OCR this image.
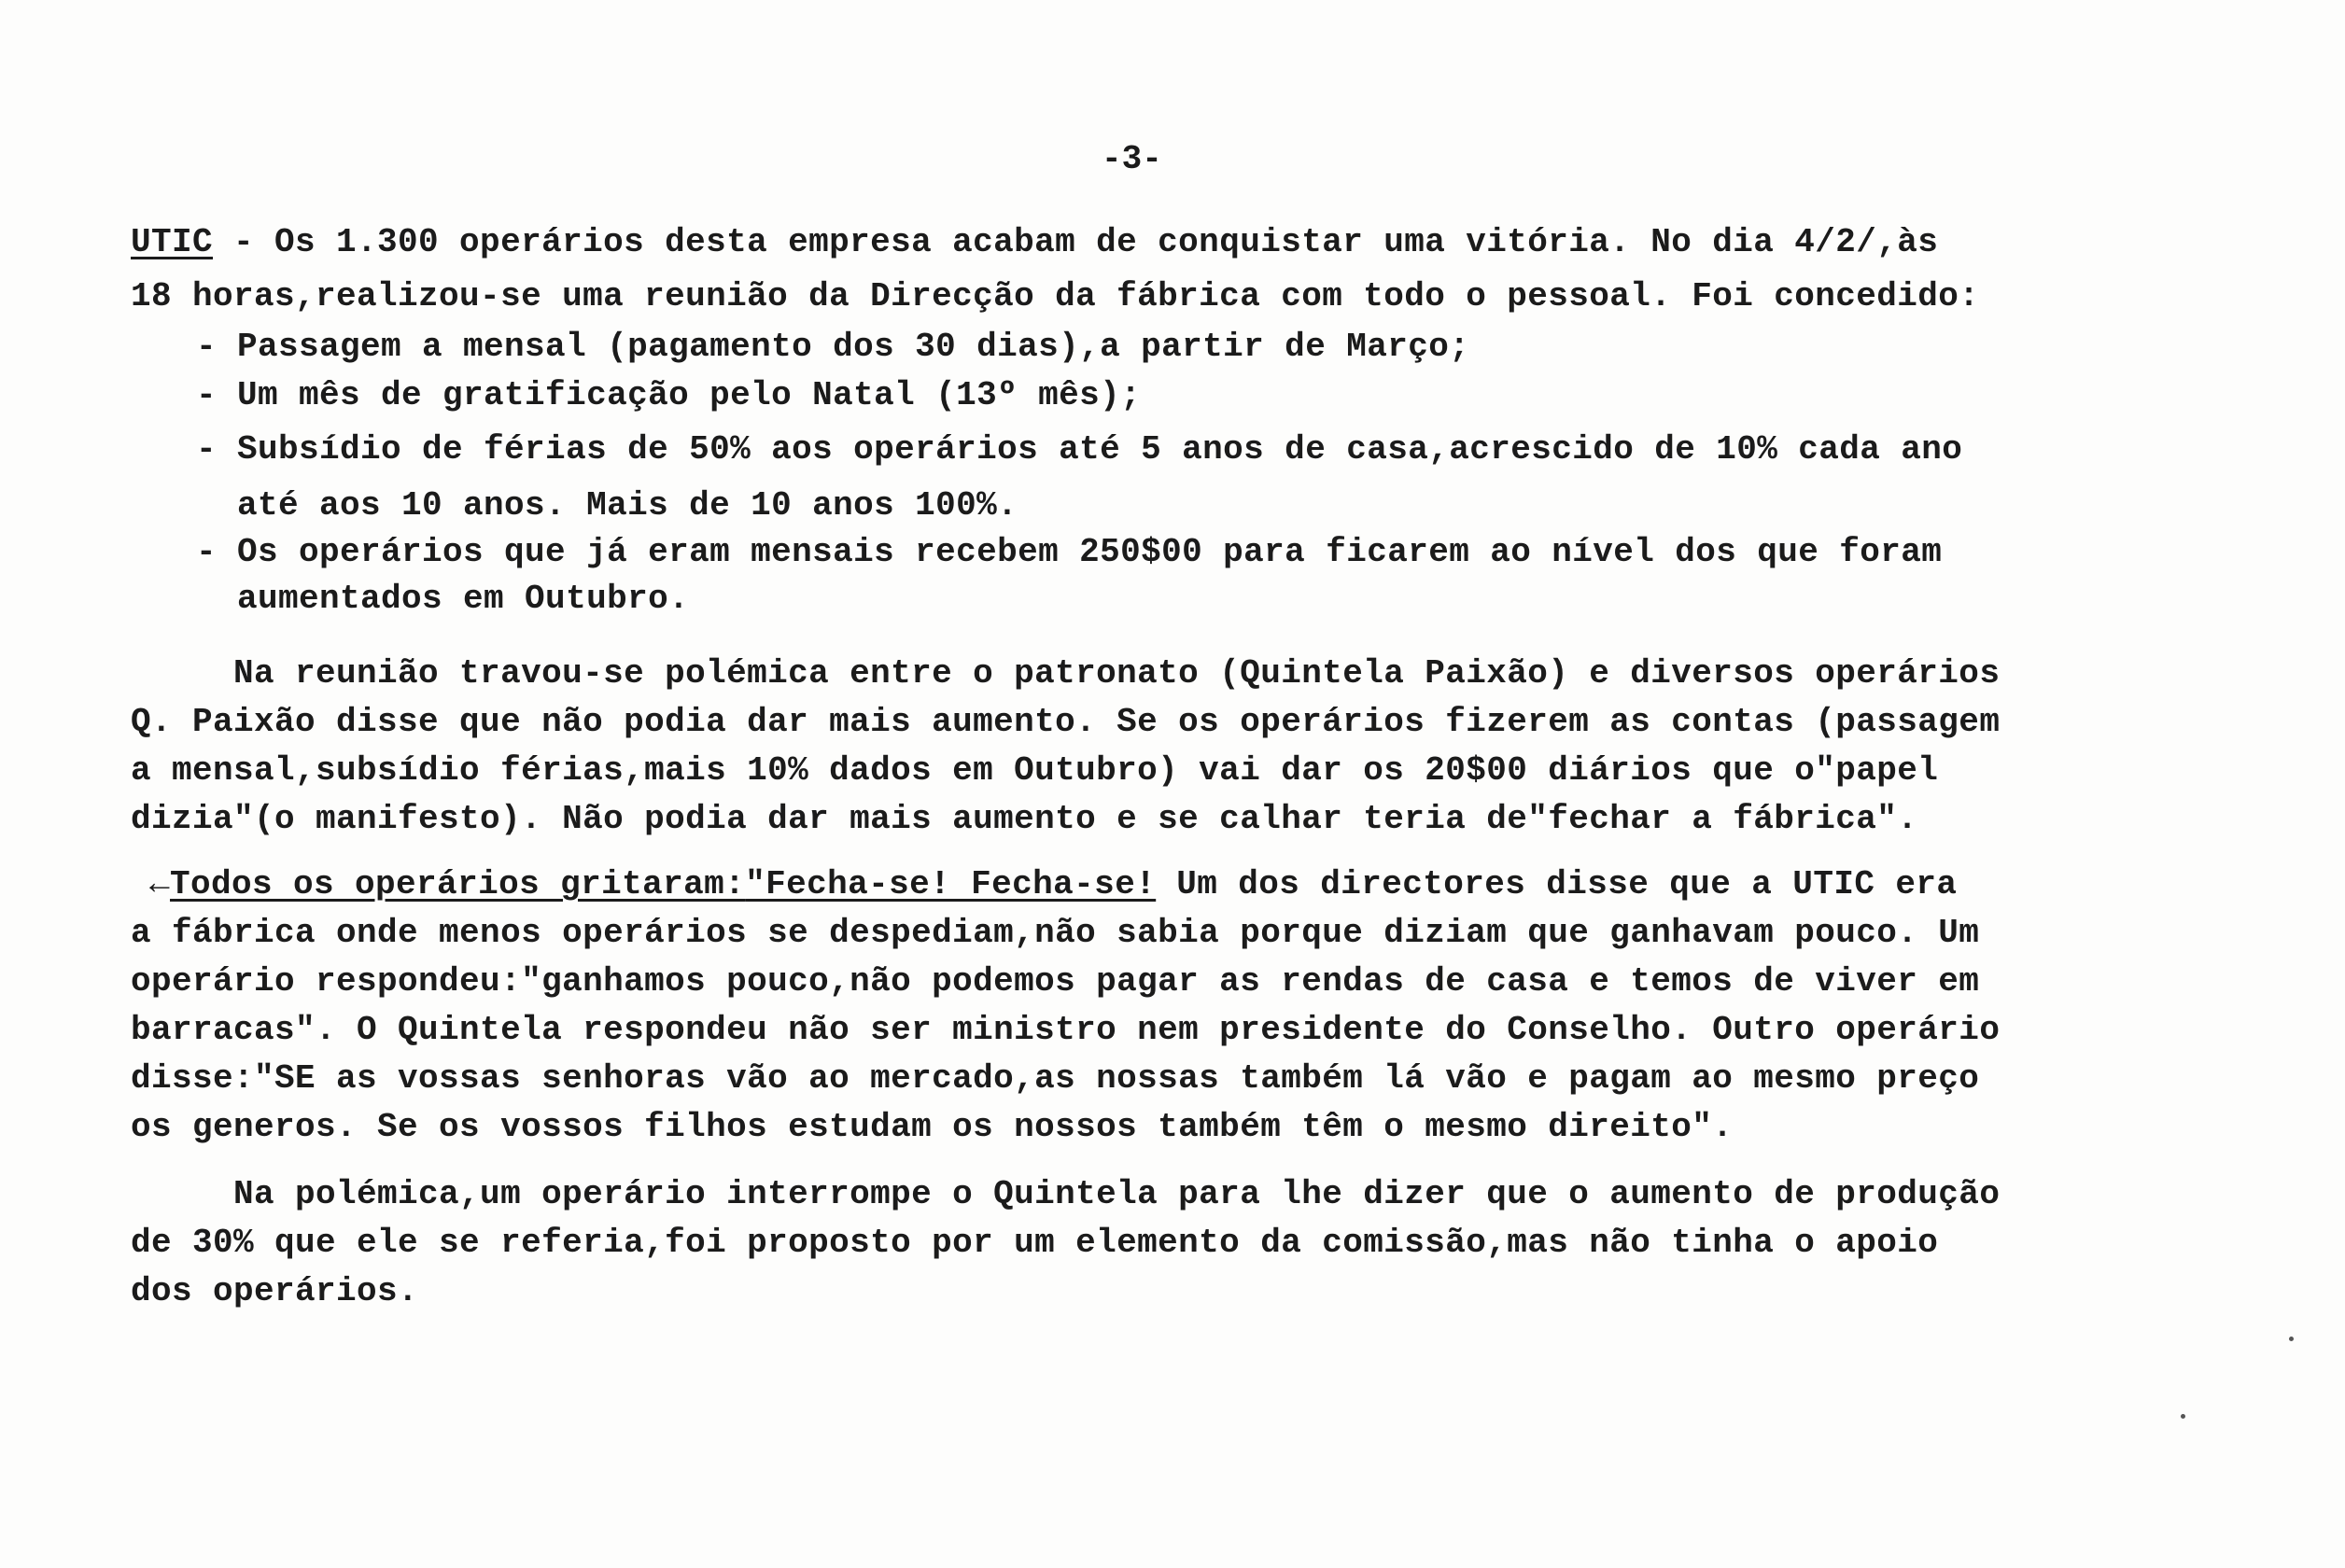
-3-
UTIC - Os 1.300 operários desta empresa acabam de conquistar uma vitória. No dia 4/2/,às
18 horas,realizou-se uma reunião da Direcção da fábrica com todo o pessoal. Foi concedido:
- Passagem a mensal (pagamento dos 30 dias),a partir de Março;
- Um mês de gratificação pelo Natal (13º mês);
- Subsídio de férias de 50% aos operários até 5 anos de casa,acrescido de 10% cada ano
até aos 10 anos. Mais de 10 anos 100%.
- Os operários que já eram mensais recebem 250$00 para ficarem ao nível dos que foram
aumentados em Outubro.
Na reunião travou-se polémica entre o patronato (Quintela Paixão) e diversos operários
Q. Paixão disse que não podia dar mais aumento. Se os operários fizerem as contas (passagem
a mensal,subsídio férias,mais 10% dados em Outubro) vai dar os 20$00 diários que o"papel
dizia"(o manifesto). Não podia dar mais aumento e se calhar teria de"fechar a fábrica".
←Todos os operários gritaram:"Fecha-se! Fecha-se! Um dos directores disse que a UTIC era
a fábrica onde menos operários se despediam,não sabia porque diziam que ganhavam pouco. Um
operário respondeu:"ganhamos pouco,não podemos pagar as rendas de casa e temos de viver em
barracas". O Quintela respondeu não ser ministro nem presidente do Conselho. Outro operário
disse:"SE as vossas senhoras vão ao mercado,as nossas também lá vão e pagam ao mesmo preço
os generos. Se os vossos filhos estudam os nossos também têm o mesmo direito".
Na polémica,um operário interrompe o Quintela para lhe dizer que o aumento de produção
de 30% que ele se referia,foi proposto por um elemento da comissão,mas não tinha o apoio
dos operários.
